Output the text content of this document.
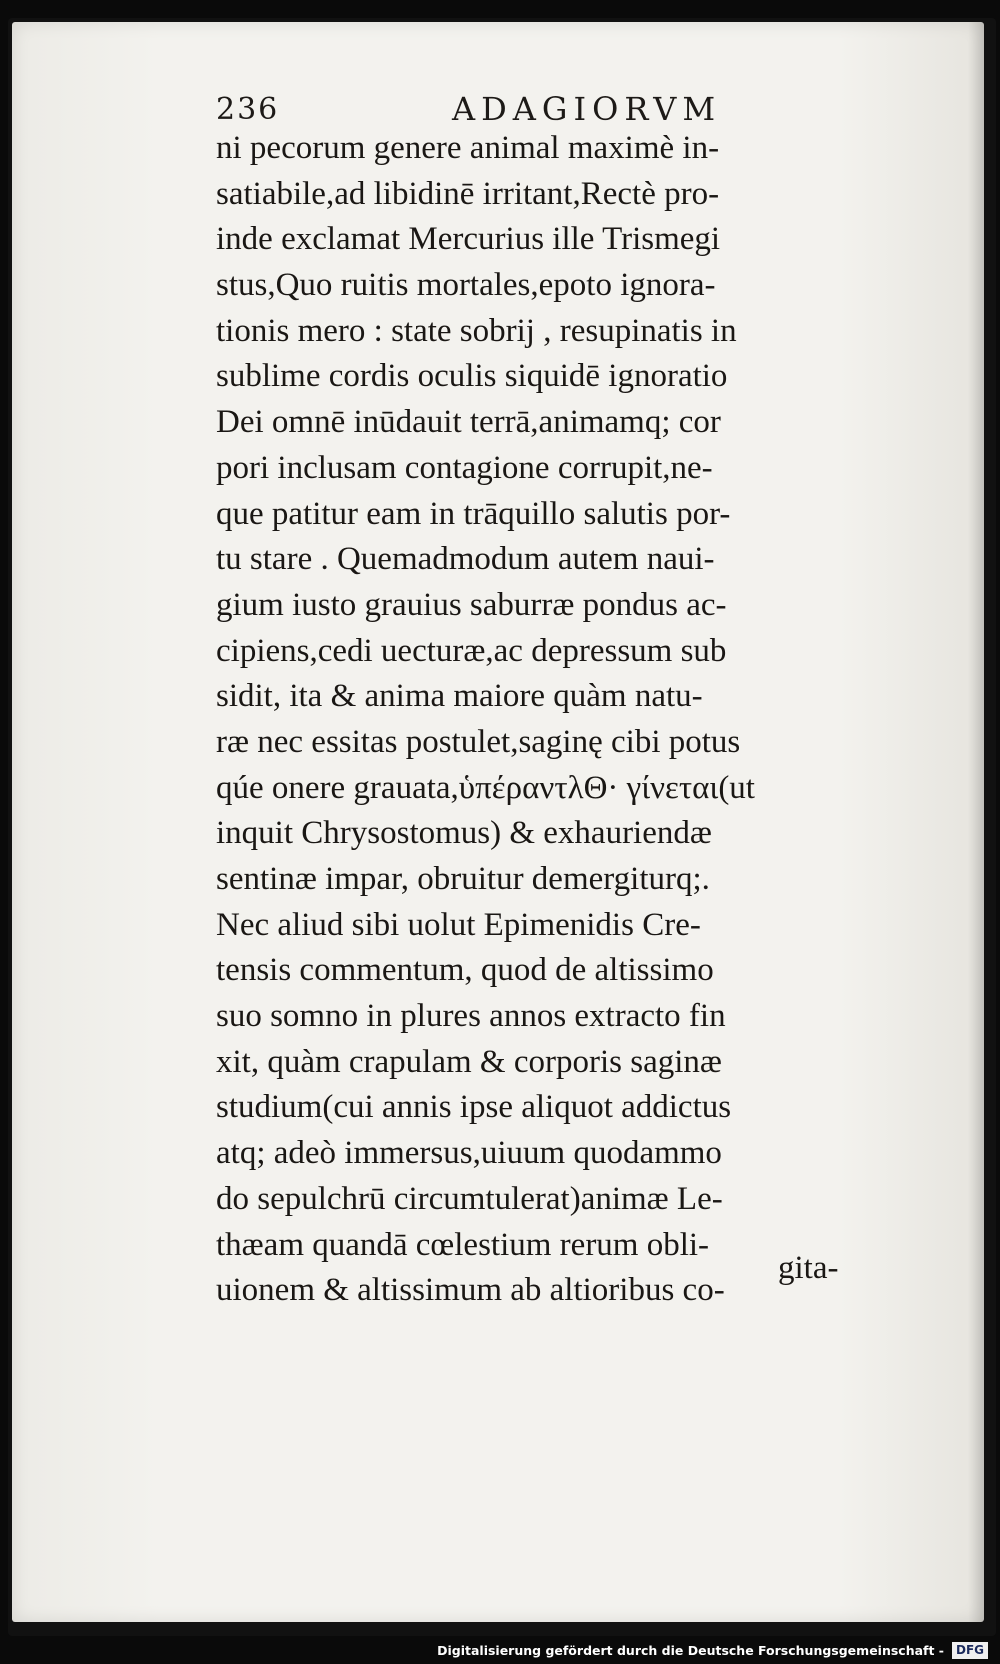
236	ADAGIORVM
ni pecorum genere animal maximè in-
satiabile,ad libidinē irritant,Rectè pro-
inde exclamat Mercurius ille Trismegi
stus,Quo ruitis mortales,epoto ignora-
tionis mero : state sobrij , resupinatis in
sublime cordis oculis siquidē ignoratio
Dei omnē inūdauit terrā,animamq; cor
pori inclusam contagione corrupit,ne-
que patitur eam in trāquillo salutis por-
tu stare . Quemadmodum autem naui-
gium iusto grauius saburræ pondus ac-
cipiens,cedi uecturæ,ac depressum sub
sidit, ita & anima maiore quàm natu-
ræ nec essitas postulet,saginę cibi potus
qúe onere grauata,ὑπέραντλΘ· γίνεται(ut
inquit Chrysostomus) & exhauriendæ
sentinæ impar, obruitur demergiturq;.
Nec aliud sibi uolut Epimenidis Cre-
tensis commentum, quod de altissimo
suo somno in plures annos extracto fin
xit, quàm crapulam & corporis saginæ
studium(cui annis ipse aliquot addictus
atq; adeò immersus,uiuum quodammo
do sepulchrū circumtulerat)animæ Le-
thæam quandā cœlestium rerum obli-
uionem & altissimum ab altioribus co-
gita-
Digitalisierung gefördert durch die Deutsche Forschungsgemeinschaft - DFG
